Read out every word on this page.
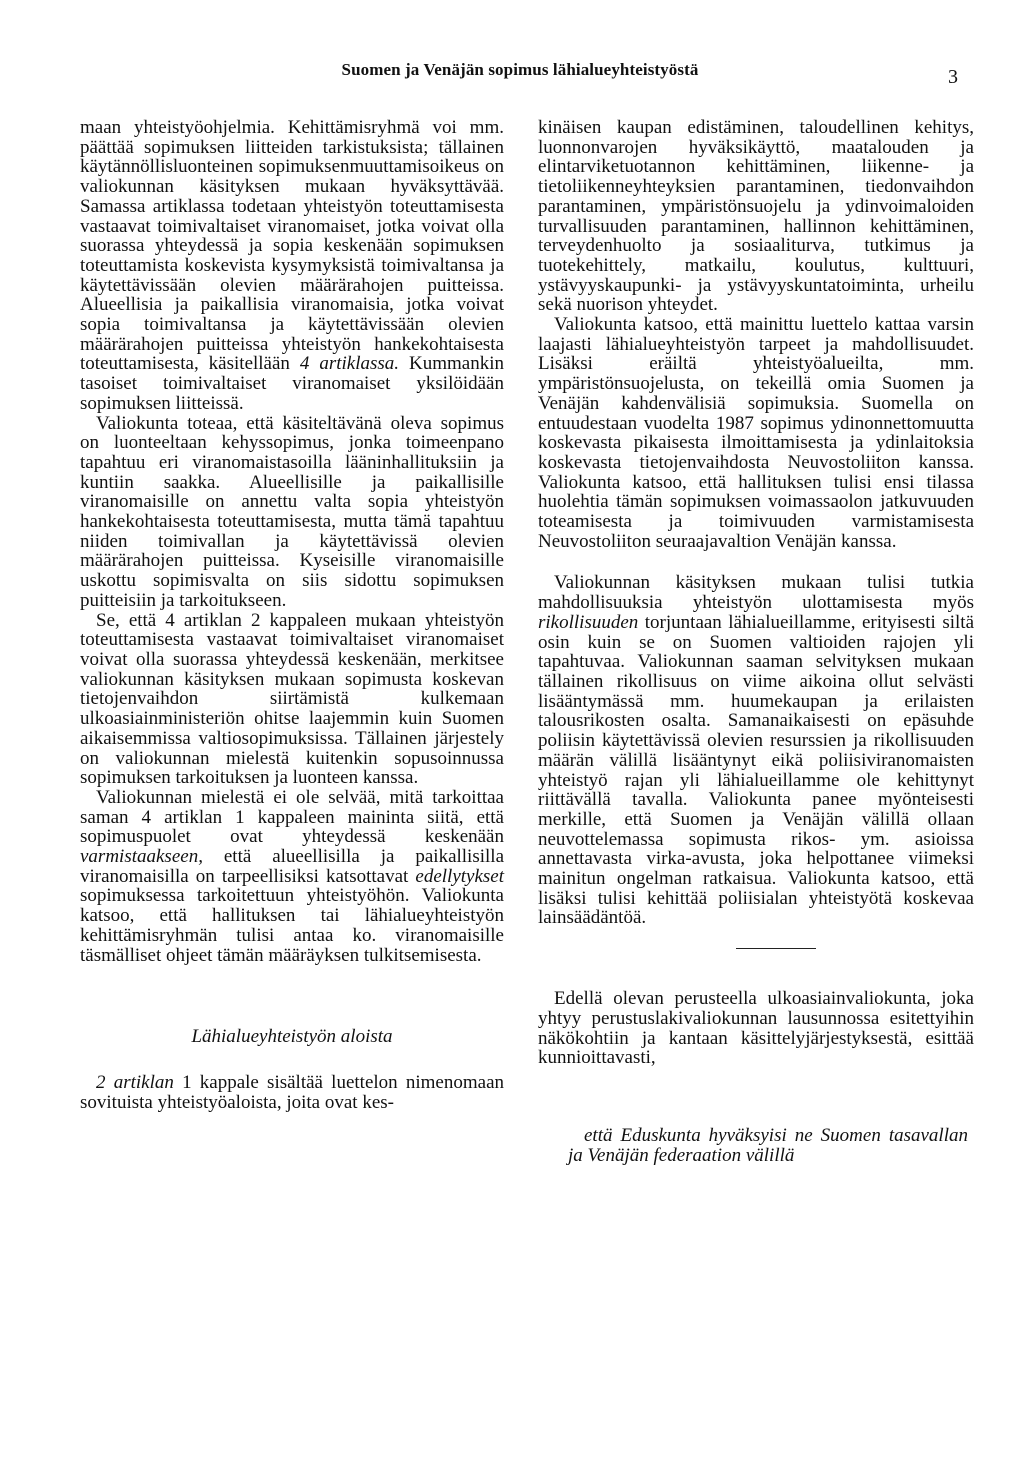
Suomen ja Venäjän sopimus lähialueyhteistyöstä	3

maan yhteistyöohjelmia. Kehittämisryhmä voi mm. päättää sopimuksen liitteiden tarkistuksista; tällainen käytännöllisluonteinen sopimuksenmuuttamisoikeus on valiokunnan käsityksen mukaan hyväksyttävää. Samassa artiklassa todetaan yhteistyön toteuttamisesta vastaavat toimivaltaiset viranomaiset, jotka voivat olla suorassa yhteydessä ja sopia keskenään sopimuksen toteuttamista koskevista kysymyksistä toimivaltansa ja käytettävissään olevien määrärahojen puitteissa. Alueellisia ja paikallisia viranomaisia, jotka voivat sopia toimivaltansa ja käytettävissään olevien määrärahojen puitteissa yhteistyön hankekohtaisesta toteuttamisesta, käsitellään 4 artiklassa. Kummankin tasoiset toimivaltaiset viranomaiset yksilöidään sopimuksen liitteissä.

Valiokunta toteaa, että käsiteltävänä oleva sopimus on luonteeltaan kehyssopimus, jonka toimeenpano tapahtuu eri viranomaistasoilla lääninhallituksiin ja kuntiin saakka. Alueellisille ja paikallisille viranomaisille on annettu valta sopia yhteistyön hankekohtaisesta toteuttamisesta, mutta tämä tapahtuu niiden toimivallan ja käytettävissä olevien määrärahojen puitteissa. Kyseisille viranomaisille uskottu sopimisvalta on siis sidottu sopimuksen puitteisiin ja tarkoitukseen.

Se, että 4 artiklan 2 kappaleen mukaan yhteistyön toteuttamisesta vastaavat toimivaltaiset viranomaiset voivat olla suorassa yhteydessä keskenään, merkitsee valiokunnan käsityksen mukaan sopimusta koskevan tietojenvaihdon siirtämistä kulkemaan ulkoasiainministeriön ohitse laajemmin kuin Suomen aikaisemmissa valtiosopimuksissa. Tällainen järjestely on valiokunnan mielestä kuitenkin sopusoinnussa sopimuksen tarkoituksen ja luonteen kanssa.

Valiokunnan mielestä ei ole selvää, mitä tarkoittaa saman 4 artiklan 1 kappaleen maininta siitä, että sopimuspuolet ovat yhteydessä keskenään varmistaakseen, että alueellisilla ja paikallisilla viranomaisilla on tarpeellisiksi katsottavat edellytykset sopimuksessa tarkoitettuun yhteistyöhön. Valiokunta katsoo, että hallituksen tai lähialueyhteistyön kehittämisryhmän tulisi antaa ko. viranomaisille täsmälliset ohjeet tämän määräyksen tulkitsemisesta.

Lähialueyhteistyön aloista

2 artiklan 1 kappale sisältää luettelon nimenomaan sovituista yhteistyöaloista, joita ovat kes-

kinäisen kaupan edistäminen, taloudellinen kehitys, luonnonvarojen hyväksikäyttö, maatalouden ja elintarviketuotannon kehittäminen, liikenne- ja tietoliikenneyhteyksien parantaminen, tiedonvaihdon parantaminen, ympäristönsuojelu ja ydinvoimaloiden turvallisuuden parantaminen, hallinnon kehittäminen, terveydenhuolto ja sosiaaliturva, tutkimus ja tuotekehittely, matkailu, koulutus, kulttuuri, ystävyyskaupunki- ja ystävyyskuntatoiminta, urheilu sekä nuorison yhteydet.

Valiokunta katsoo, että mainittu luettelo kattaa varsin laajasti lähialueyhteistyön tarpeet ja mahdollisuudet. Lisäksi eräiltä yhteistyöalueilta, mm. ympäristönsuojelusta, on tekeillä omia Suomen ja Venäjän kahdenvälisiä sopimuksia. Suomella on entuudestaan vuodelta 1987 sopimus ydinonnettomuutta koskevasta pikaisesta ilmoittamisesta ja ydinlaitoksia koskevasta tietojenvaihdosta Neuvostoliiton kanssa. Valiokunta katsoo, että hallituksen tulisi ensi tilassa huolehtia tämän sopimuksen voimassaolon jatkuvuuden toteamisesta ja toimivuuden varmistamisesta Neuvostoliiton seuraajavaltion Venäjän kanssa.

Valiokunnan käsityksen mukaan tulisi tutkia mahdollisuuksia yhteistyön ulottamisesta myös rikollisuuden torjuntaan lähialueillamme, erityisesti siltä osin kuin se on Suomen valtioiden rajojen yli tapahtuvaa. Valiokunnan saaman selvityksen mukaan tällainen rikollisuus on viime aikoina ollut selvästi lisääntymässä mm. huumekaupan ja erilaisten talousrikosten osalta. Samanaikaisesti on epäsuhde poliisin käytettävissä olevien resurssien ja rikollisuuden määrän välillä lisääntynyt eikä poliisiviranomaisten yhteistyö rajan yli lähialueillamme ole kehittynyt riittävällä tavalla. Valiokunta panee myönteisesti merkille, että Suomen ja Venäjän välillä ollaan neuvottelemassa sopimusta rikos- ym. asioissa annettavasta virka-avusta, joka helpottanee viimeksi mainitun ongelman ratkaisua. Valiokunta katsoo, että lisäksi tulisi kehittää poliisialan yhteistyötä koskevaa lainsäädäntöä.

Edellä olevan perusteella ulkoasiainvaliokunta, joka yhtyy perustuslakivaliokunnan lausunnossa esitettyihin näkökohtiin ja kantaan käsittelyjärjestyksestä, esittää kunnioittavasti,

että Eduskunta hyväksyisi ne Suomen tasavallan ja Venäjän federaation välillä
